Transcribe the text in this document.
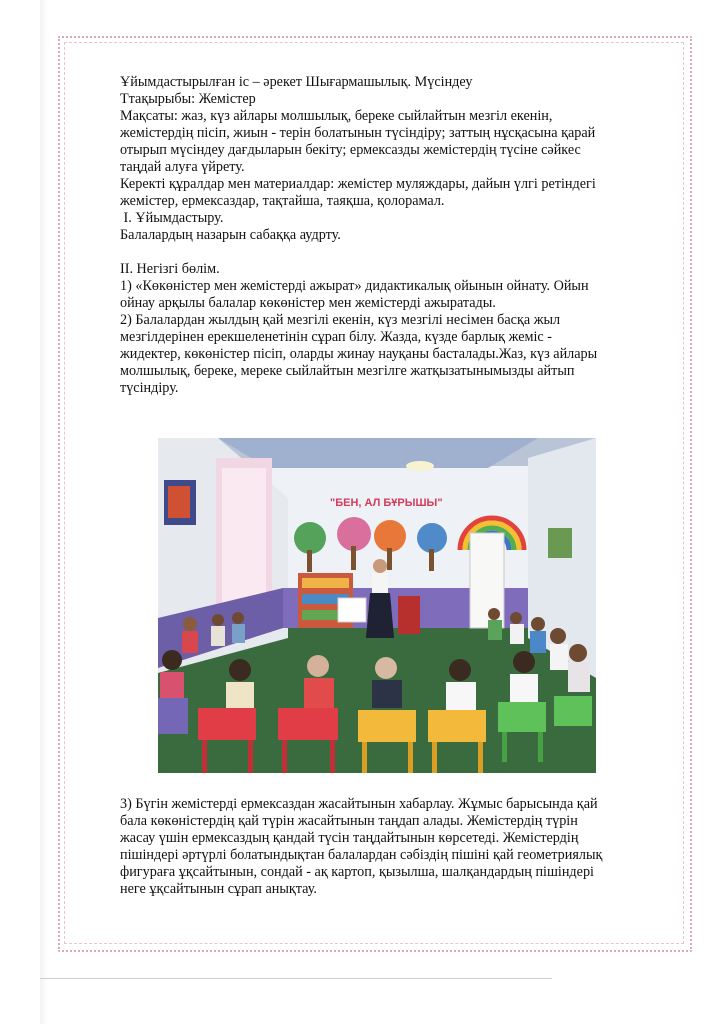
Ұйымдастырылған іс – әрекет Шығармашылық. Мүсіндеу

Ттақырыбы: Жемістер

Мақсаты: жаз, күз айлары молшылық, береке сыйлайтын мезгіл екенін,

жемістердің пісіп, жиын - терін болатынын түсіндіру; заттың нұсқасына қарай

отырып мүсіндеу дағдыларын бекіту; ермексазды жемістердің түсіне сәйкес

таңдай алуға үйрету.

Керекті құралдар мен материалдар: жемістер муляждары, дайын үлгі ретіндегі

жемістер, ермексаздар, тақтайша, таяқша, қолорамал.

I. Ұйымдастыру.

Балалардың назарын сабаққа аудрту.

II. Негізгі бөлім.

1) «Көкөністер мен жемістерді ажырат» дидактикалық ойынын ойнату. Ойын

ойнау арқылы балалар көкөністер мен жемістерді ажыратады.

2) Балалардан жылдың қай мезгілі екенін, күз мезгілі несімен басқа жыл

мезгілдерінен ерекшеленетінін сұрап білу. Жазда, күзде барлық жеміс -

жидектер, көкөністер пісіп, оларды жинау науқаны басталады.Жаз, күз айлары

молшылық, береке, мереке сыйлайтын мезгілге жатқызатынымызды айтып

түсіндіру.

"БЕН, АЛ БҰРЫШЫ"

3) Бүгін жемістерді ермексаздан жасайтынын хабарлау. Жұмыс барысында қай

бала көкөністердің қай түрін жасайтынын таңдап алады. Жемістердің түрін

жасау үшін ермексаздың қандай түсін таңдайтынын көрсетеді. Жемістердің

пішіндері әртүрлі болатындықтан балалардан сәбіздің пішіні қай геометриялық

фигураға ұқсайтынын, сондай - ақ картоп, қызылша, шалқандардың пішіндері

неге ұқсайтынын сұрап анықтау.
